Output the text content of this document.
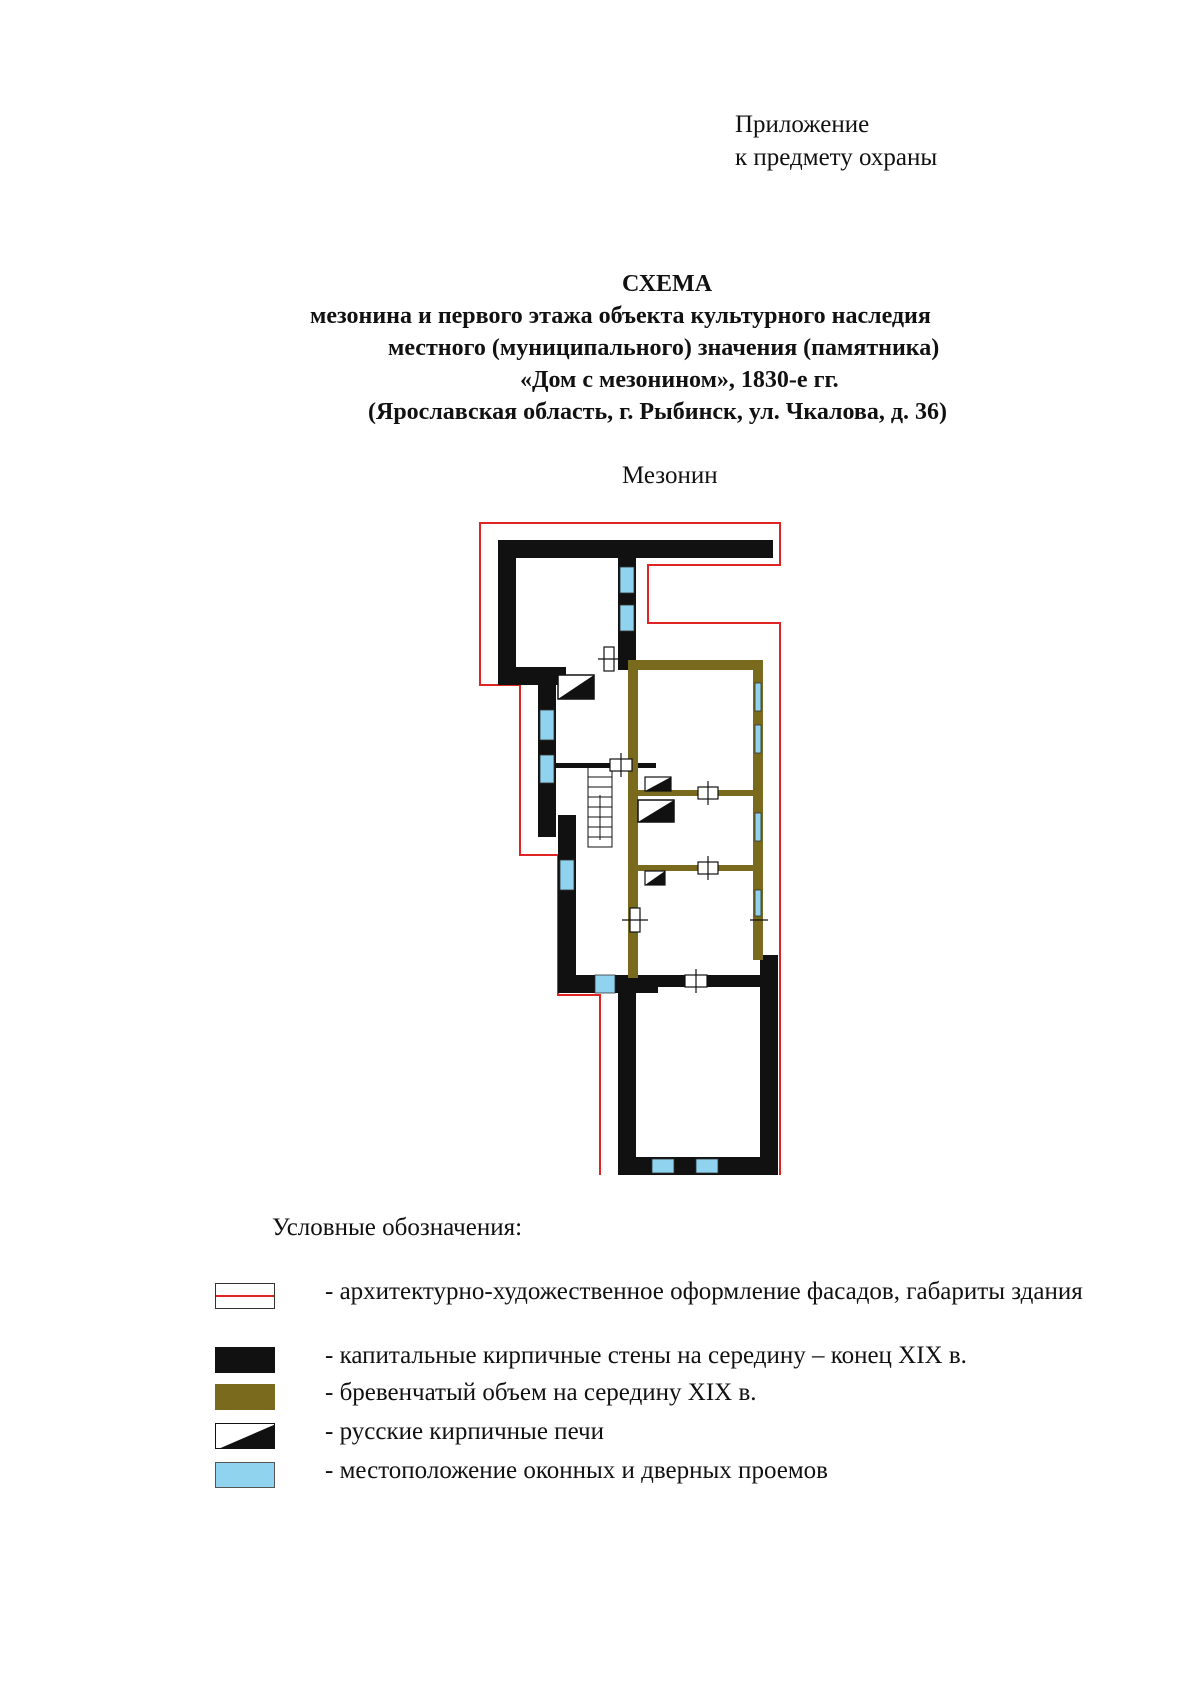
Приложение
к предмету охраны
СХЕМА
мезонина и первого этажа объекта культурного наследия
местного (муниципального) значения (памятника)
«Дом с мезонином», 1830-е гг.
(Ярославская область, г. Рыбинск, ул. Чкалова, д. 36)
Мезонин
Условные обозначения:
- архитектурно-художественное оформление фасадов, габариты здания
- капитальные кирпичные стены на середину – конец XIX в.
- бревенчатый объем на середину XIX в.
- русские кирпичные печи
- местоположение оконных и дверных проемов
